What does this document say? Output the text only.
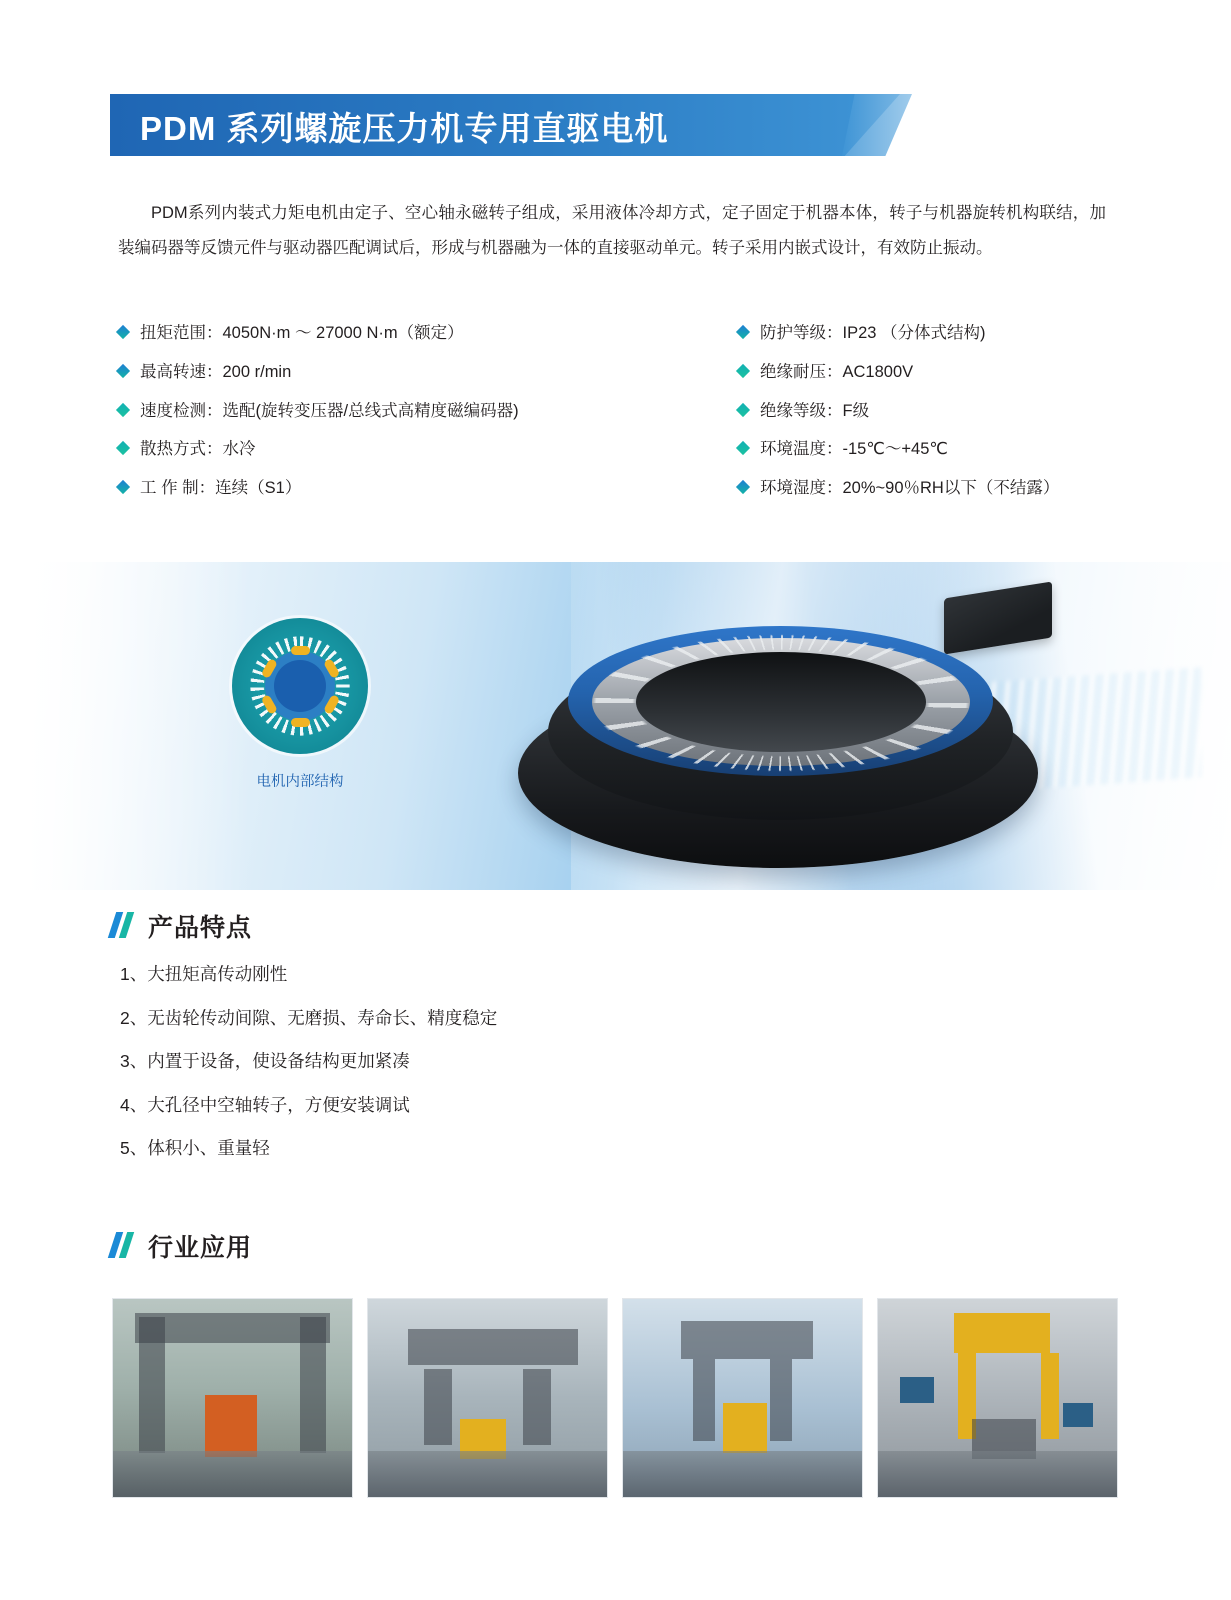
PDM 系列螺旋压力机专用直驱电机

PDM系列内装式力矩电机由定子、空心轴永磁转子组成，采用液体冷却方式，定子固定于机器本体，转子与机器旋转机构联结，加装编码器等反馈元件与驱动器匹配调试后，形成与机器融为一体的直接驱动单元。转子采用内嵌式设计，有效防止振动。

扭矩范围：4050N·m ～ 27000 N·m（额定）
最高转速：200 r/min
速度检测：选配(旋转变压器/总线式高精度磁编码器)
散热方式：水冷
工 作 制：连续（S1）
防护等级：IP23 （分体式结构)
绝缘耐压：AC1800V
绝缘等级：F级
环境温度：-15℃～+45℃
环境湿度：20%~90％RH以下（不结露）
电机内部结构
产品特点
1、大扭矩高传动刚性
2、无齿轮传动间隙、无磨损、寿命长、精度稳定
3、内置于设备，使设备结构更加紧凑
4、大孔径中空轴转子，方便安装调试
5、体积小、重量轻
行业应用
